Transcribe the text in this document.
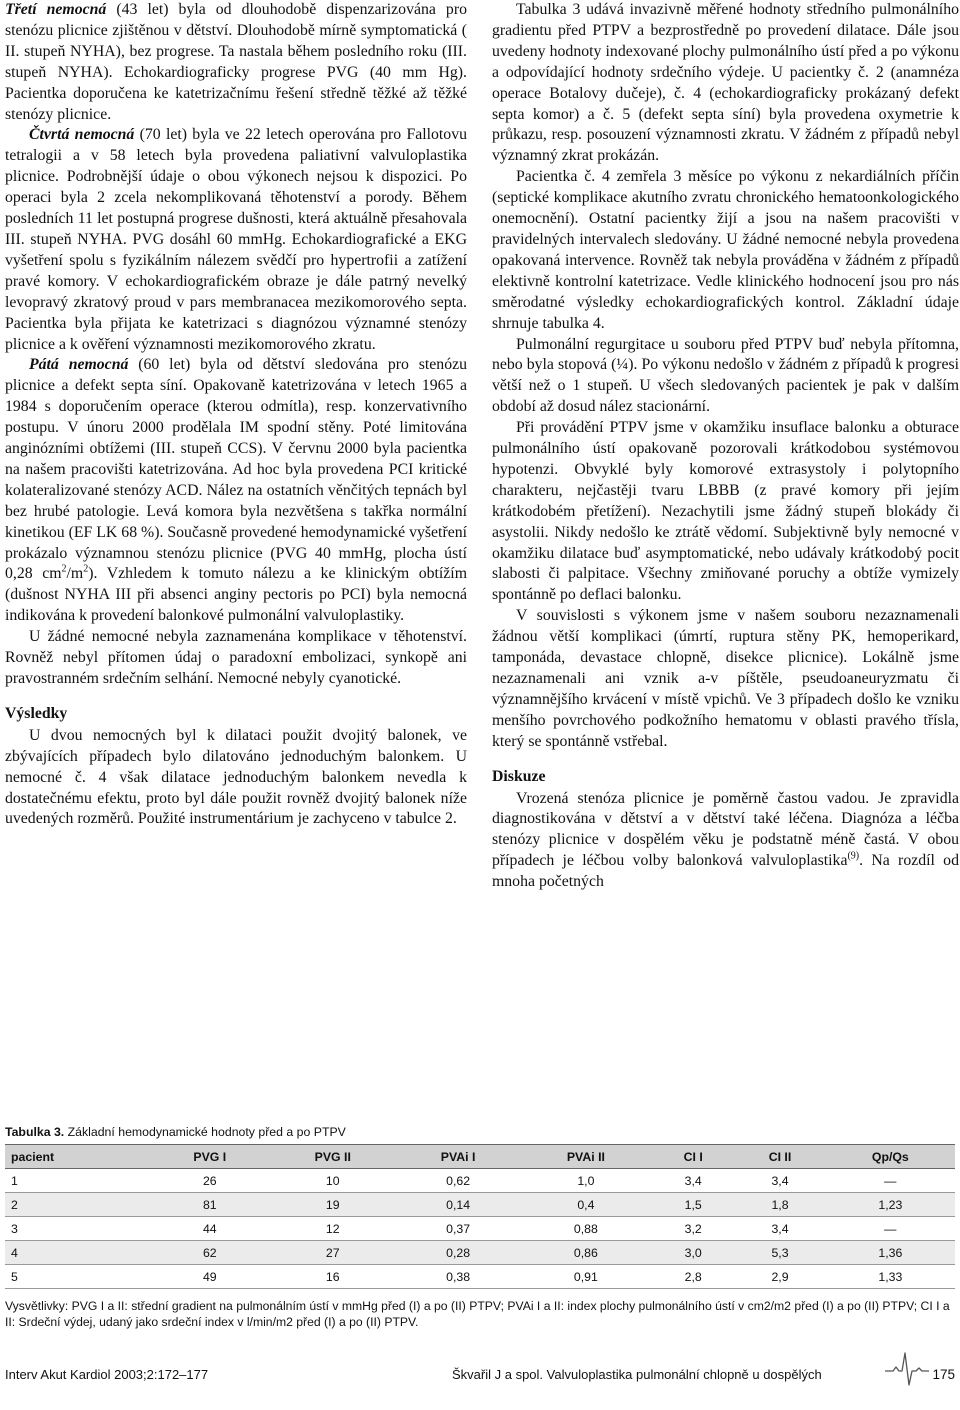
Třetí nemocná (43 let) byla od dlouhodobě dispenzarizována pro stenózu plicnice zjištěnou v dětství. Dlouhodobě mírně symptomatická ( II. stupeň NYHA), bez progrese. Ta nastala během posledního roku (III. stupeň NYHA). Echokardiograficky progrese PVG (40 mm Hg). Pacientka doporučena ke katetrizačnímu řešení středně těžké až těžké stenózy plicnice.

Čtvrtá nemocná (70 let) byla ve 22 letech operována pro Fallotovu tetralogii a v 58 letech byla provedena paliativní valvuloplastika plicnice. Podrobnější údaje o obou výkonech nejsou k dispozici. Po operaci byla 2 zcela nekomplikovaná těhotenství a porody. Během posledních 11 let postupná progrese dušnosti, která aktuálně přesahovala III. stupeň NYHA. PVG dosáhl 60 mmHg. Echokardiografické a EKG vyšetření spolu s fyzikálním nálezem svědčí pro hypertrofii a zatížení pravé komory. V echokardiografickém obraze je dále patrný nevelký levopravý zkratový proud v pars membranacea mezikomorového septa. Pacientka byla přijata ke katetrizaci s diagnózou významné stenózy plicnice a k ověření významnosti mezikomorového zkratu.

Pátá nemocná (60 let) byla od dětství sledována pro stenózu plicnice a defekt septa síní. Opakovaně katetrizována v letech 1965 a 1984 s doporučením operace (kterou odmítla), resp. konzervativního postupu. V únoru 2000 prodělala IM spodní stěny. Poté limitována anginózními obtížemi (III. stupeň CCS). V červnu 2000 byla pacientka na našem pracovišti katetrizována. Ad hoc byla provedena PCI kritické kolateralizované stenózy ACD. Nález na ostatních věnčitých tepnách byl bez hrubé patologie. Levá komora byla nezvětšena s takřka normální kinetikou (EF LK 68 %). Současně provedené hemodynamické vyšetření prokázalo významnou stenózu plicnice (PVG 40 mmHg, plocha ústí 0,28 $cm^2/m^2$). Vzhledem k tomuto nálezu a ke klinickým obtížím (dušnost NYHA III při absenci anginy pectoris po PCI) byla nemocná indikována k provedení balonkové pulmonální valvuloplastiky.

U žádné nemocné nebyla zaznamenána komplikace v těhotenství. Rovněž nebyl přítomen údaj o paradoxní embolizaci, synkopě ani pravostranném srdečním selhání. Nemocné nebyly cyanotické.

Výsledky

U dvou nemocných byl k dilataci použit dvojitý balonek, ve zbývajících případech bylo dilatováno jednoduchým balonkem. U nemocné č. 4 však dilatace jednoduchým balonkem nevedla k dostatečnému efektu, proto byl dále použit rovněž dvojitý balonek níže uvedených rozměrů. Použité instrumentárium je zachyceno v tabulce 2.

Tabulka 3 udává invazivně měřené hodnoty středního pulmonálního gradientu před PTPV a bezprostředně po provedení dilatace. Dále jsou uvedeny hodnoty indexované plochy pulmonálního ústí před a po výkonu a odpovídající hodnoty srdečního výdeje. U pacientky č. 2 (anamnéza operace Botalovy dučeje), č. 4 (echokardiograficky prokázaný defekt septa komor) a č. 5 (defekt septa síní) byla provedena oxymetrie k průkazu, resp. posouzení významnosti zkratu. V žádném z případů nebyl významný zkrat prokázán.

Pacientka č. 4 zemřela 3 měsíce po výkonu z nekardiálních příčin (septické komplikace akutního zvratu chronického hematoonkologického onemocnění). Ostatní pacientky žijí a jsou na našem pracovišti v pravidelných intervalech sledovány. U žádné nemocné nebyla provedena opakovaná intervence. Rovněž tak nebyla prováděna v žádném z případů elektivně kontrolní katetrizace. Vedle klinického hodnocení jsou pro nás směrodatné výsledky echokardiografických kontrol. Základní údaje shrnuje tabulka 4.

Pulmonální regurgitace u souboru před PTPV buď nebyla přítomna, nebo byla stopová (¼). Po výkonu nedošlo v žádném z případů k progresi větší než o 1 stupeň. U všech sledovaných pacientek je pak v dalším období až dosud nález stacionární.

Při provádění PTPV jsme v okamžiku insuflace balonku a obturace pulmonálního ústí opakovaně pozorovali krátkodobou systémovou hypotenzi. Obvyklé byly komorové extrasystoly i polytopního charakteru, nejčastěji tvaru LBBB (z pravé komory při jejím krátkodobém přetížení). Nezachytili jsme žádný stupeň blokády či asystolii. Nikdy nedošlo ke ztrátě vědomí. Subjektivně byly nemocné v okamžiku dilatace buď asymptomatické, nebo udávaly krátkodobý pocit slabosti či palpitace. Všechny zmiňované poruchy a obtíže vymizely spontánně po deflaci balonku.

V souvislosti s výkonem jsme v našem souboru nezaznamenali žádnou větší komplikaci (úmrtí, ruptura stěny PK, hemoperikard, tamponáda, devastace chlopně, disekce plicnice). Lokálně jsme nezaznamenali ani vznik a-v píštěle, pseudoaneuryzmatu či významnějšího krvácení v místě vpichů. Ve 3 případech došlo ke vzniku menšího povrchového podkožního hematomu v oblasti pravého třísla, který se spontánně vstřebal.

Diskuze

Vrozená stenóza plicnice je poměrně častou vadou. Je zpravidla diagnostikována v dětství a v dětství také léčena. Diagnóza a léčba stenózy plicnice v dospělém věku je podstatně méně častá. V obou případech je léčbou volby balonková valvuloplastika$^{(9)}$. Na rozdíl od mnoha početných

Tabulka 3. Základní hemodynamické hodnoty před a po PTPV
pacient	PVG I	PVG II	PVAi I	PVAi II	CI I	CI II	Qp/Qs
1	26	10	0,62	1,0	3,4	3,4	—
2	81	19	0,14	0,4	1,5	1,8	1,23
3	44	12	0,37	0,88	3,2	3,4	—
4	62	27	0,28	0,86	3,0	5,3	1,36
5	49	16	0,38	0,91	2,8	2,9	1,33
Vysvětlivky: PVG I a II: střední gradient na pulmonálním ústí v mmHg před (I) a po (II) PTPV; PVAi I a II: index plochy pulmonálního ústí v cm2/m2 před (I) a po (II) PTPV; CI I a II: Srdeční výdej, udaný jako srdeční index v l/min/m2 před (I) a po (II) PTPV.
Interv Akut Kardiol 2003;2:172–177	Škvařil J a spol. Valvuloplastika pulmonální chlopně u dospělých	175
